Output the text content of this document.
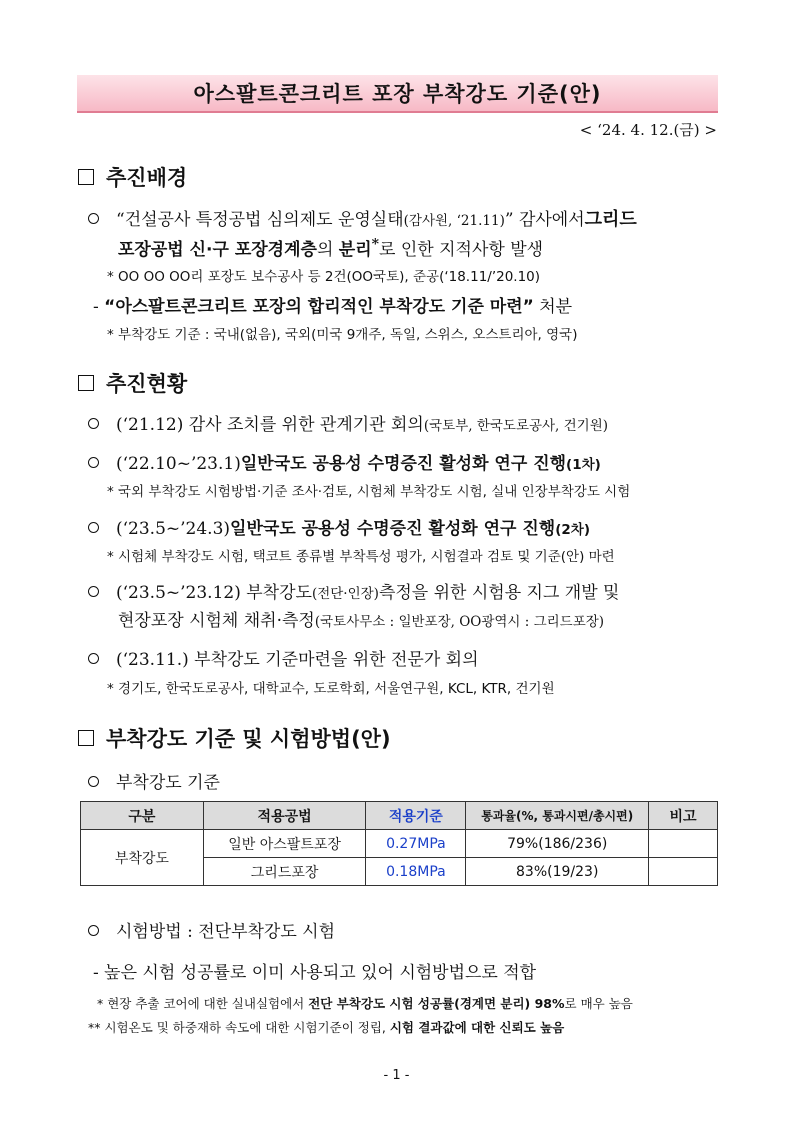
아스팔트콘크리트 포장 부착강도 기준(안)
< ‘24. 4. 12.(금) >
추진배경
“건설공사 특정공법 심의제도 운영실태 (감사원, ‘21.11) ” 감사에서 그리드
포장공법 신·구 포장경계층의 분리*로 인한 지적사항 발생
* OO OO OO리 포장도 보수공사 등 2건(OO국토), 준공(‘18.11/’20.10)
- “아스팔트콘크리트 포장의 합리적인 부착강도 기준 마련” 처분
* 부착강도 기준 : 국내(없음), 국외(미국 9개주, 독일, 스위스, 오스트리아, 영국)
추진현황
(‘21.12) 감사 조치를 위한 관계기관 회의 (국토부, 한국도로공사, 건기원)
(‘22.10~’23.1) 일반국도 공용성 수명증진 활성화 연구 진행 (1차)
* 국외 부착강도 시험방법·기준 조사·검토, 시험체 부착강도 시험, 실내 인장부착강도 시험
(‘23.5~’24.3) 일반국도 공용성 수명증진 활성화 연구 진행 (2차)
* 시험체 부착강도 시험, 택코트 종류별 부착특성 평가, 시험결과 검토 및 기준(안) 마련
(‘23.5~’23.12) 부착강도 (전단·인장) 측정을 위한 시험용 지그 개발 및
현장포장 시험체 채취·측정(국토사무소 : 일반포장, OO광역시 : 그리드포장)
(‘23.11.) 부착강도 기준마련을 위한 전문가 회의
* 경기도, 한국도로공사, 대학교수, 도로학회, 서울연구원, KCL, KTR, 건기원
부착강도 기준 및 시험방법(안)
부착강도 기준
구분	적용공법	적용기준	통과율(%, 통과시편/총시편)	비고
부착강도	일반 아스팔트포장	0.27MPa	79%(186/236)	
	그리드포장	0.18MPa	83%(19/23)	
시험방법 : 전단부착강도 시험
- 높은 시험 성공률로 이미 사용되고 있어 시험방법으로 적합
* 현장 추출 코어에 대한 실내실험에서 전단 부착강도 시험 성공률(경계면 분리) 98%로 매우 높음
** 시험온도 및 하중재하 속도에 대한 시험기준이 정립, 시험 결과값에 대한 신뢰도 높음
- 1 -
